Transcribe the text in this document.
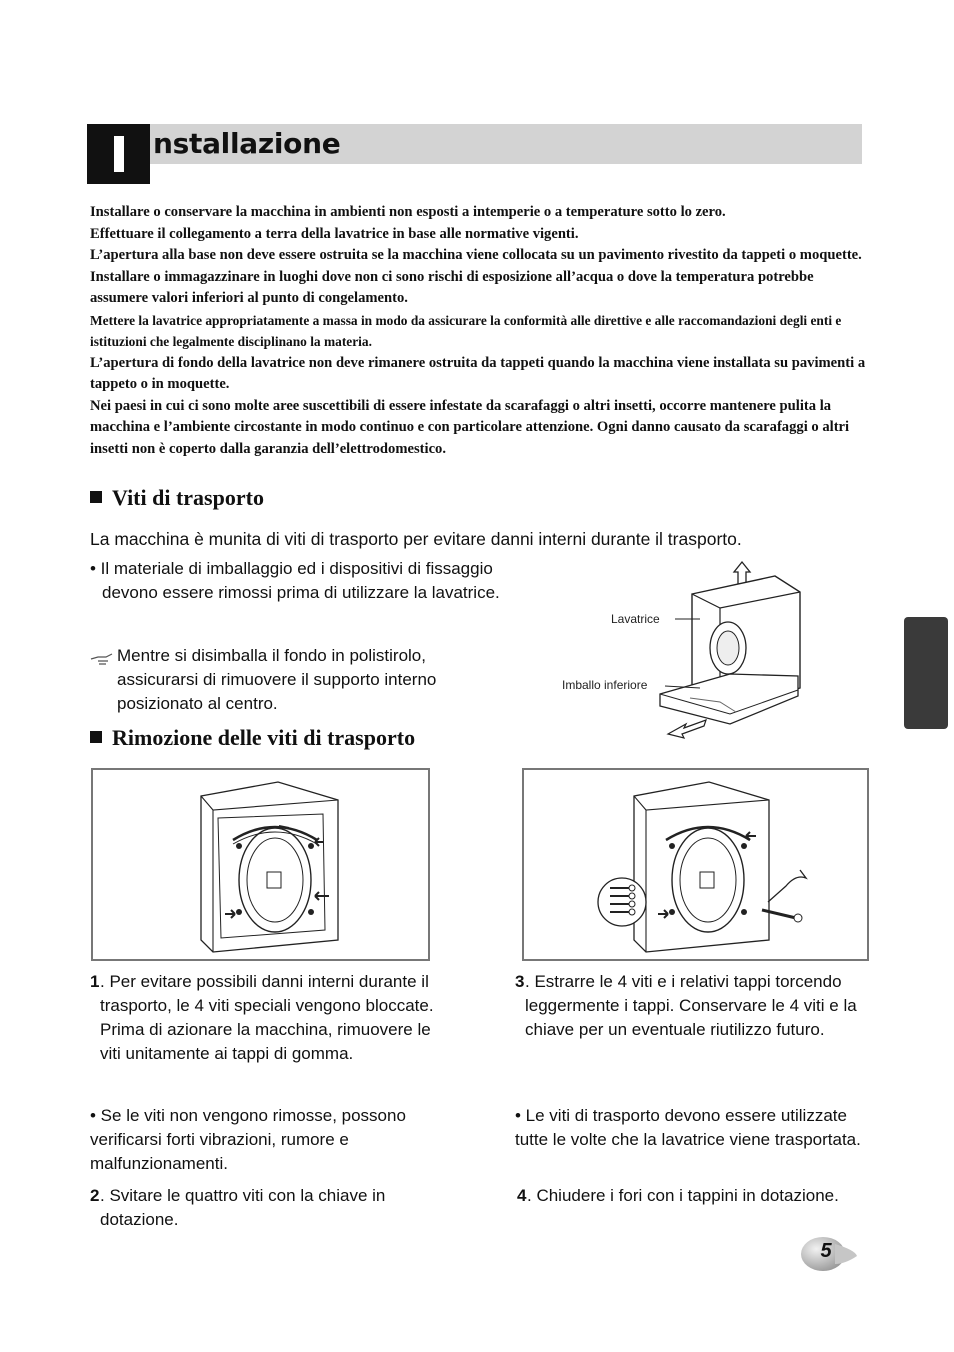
nstallazione

Installare o conservare la macchina in ambienti non esposti a intemperie o a temperature sotto lo zero.

Effettuare il collegamento a terra della lavatrice in base alle normative vigenti.

L’apertura alla base non deve essere ostruita se la macchina viene collocata su un pavimento rivestito da tappeti o moquette.

Installare o immagazzinare in luoghi dove non ci sono rischi di esposizione all’acqua o dove la temperatura potrebbe assumere valori inferiori al punto di congelamento.

Mettere la lavatrice appropriatamente a massa in modo da assicurare la conformità alle direttive e alle raccomandazioni degli enti e istituzioni che legalmente disciplinano la materia.

L’apertura di fondo della lavatrice non deve rimanere ostruita da tappeti quando la macchina viene installata su pavimenti a tappeto o in moquette.

Nei paesi in cui ci sono molte aree suscettibili di essere infestate da scarafaggi o altri insetti, occorre mantenere pulita la macchina e l’ambiente circostante in modo continuo e con particolare attenzione. Ogni danno causato da scarafaggi o altri insetti non è coperto dalla garanzia dell’elettrodomestico.

Viti di trasporto
La macchina è munita di viti di trasporto per evitare danni interni durante il trasporto.
• Il materiale di imballaggio ed i dispositivi di fissaggio devono essere rimossi prima di utilizzare la lavatrice.
Mentre si disimballa il fondo in polistirolo, assicurarsi di rimuovere il supporto interno posizionato al centro.
Lavatrice
Imballo inferiore
Rimozione delle viti di trasporto
1 . Per evitare possibili danni interni durante il trasporto, le 4 viti speciali vengono bloccate. Prima di azionare la macchina, rimuovere le viti unitamente ai tappi di gomma.
• Se le viti non vengono rimosse, possono verificarsi forti vibrazioni, rumore e malfunzionamenti.
2 . Svitare le quattro viti con la chiave in dotazione.
3 . Estrarre le 4 viti e i relativi tappi torcendo leggermente i tappi. Conservare le 4 viti e la chiave per un eventuale riutilizzo futuro.
• Le viti di trasporto devono essere utilizzate tutte le volte che la lavatrice viene trasportata.
4 . Chiudere i fori con i tappini in dotazione.
5
